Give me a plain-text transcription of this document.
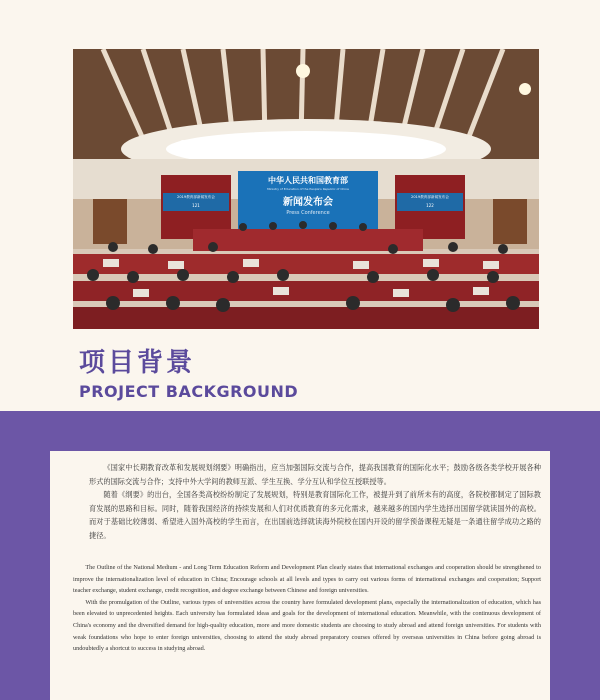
中华人民共和国教育部
Ministry of Education of the People's Republic of China
新闻发布会
Press Conference
2019教育部新闻发布会
121
2019教育部新闻发布会
122
项目背景
PROJECT BACKGROUND

《国家中长期教育改革和发展规划纲要》明确指出，应当加强国际交流与合作，提高我国教育的国际化水平；鼓励各级各类学校开展各种形式的国际交流与合作；支持中外大学间的教师互派、学生互换、学分互认和学位互授联授等。

随着《纲要》的出台，全国各类高校纷纷制定了发展规划，特别是教育国际化工作，被提升到了前所未有的高度，各院校都制定了国际教育发展的思路和目标。同时，随着我国经济的持续发展和人们对优质教育的多元化需求，越来越多的国内学生选择出国留学就读国外的高校。而对于基础比较薄弱、希望进入国外高校的学生而言，在出国前选择就读海外院校在国内开设的留学预备课程无疑是一条通往留学成功之路的捷径。

The Outline of the National Medium - and Long Term Education Reform and Development Plan clearly states that international exchanges and cooperation should be strengthened to improve the internationalization level of education in China; Encourage schools at all levels and types to carry out various forms of international exchanges and cooperation; Support teacher exchange, student exchange, credit recognition, and degree exchange between Chinese and foreign universities.

With the promulgation of the Outline, various types of universities across the country have formulated development plans, especially the internationalization of education, which has been elevated to unprecedented heights. Each university has formulated ideas and goals for the development of international education. Meanwhile, with the continuous development of China's economy and the diversified demand for high-quality education, more and more domestic students are choosing to study abroad and attend foreign universities. For students with weak foundations who hope to enter foreign universities, choosing to attend the study abroad preparatory courses offered by overseas universities in China before going abroad is undoubtedly a shortcut to success in studying abroad.
